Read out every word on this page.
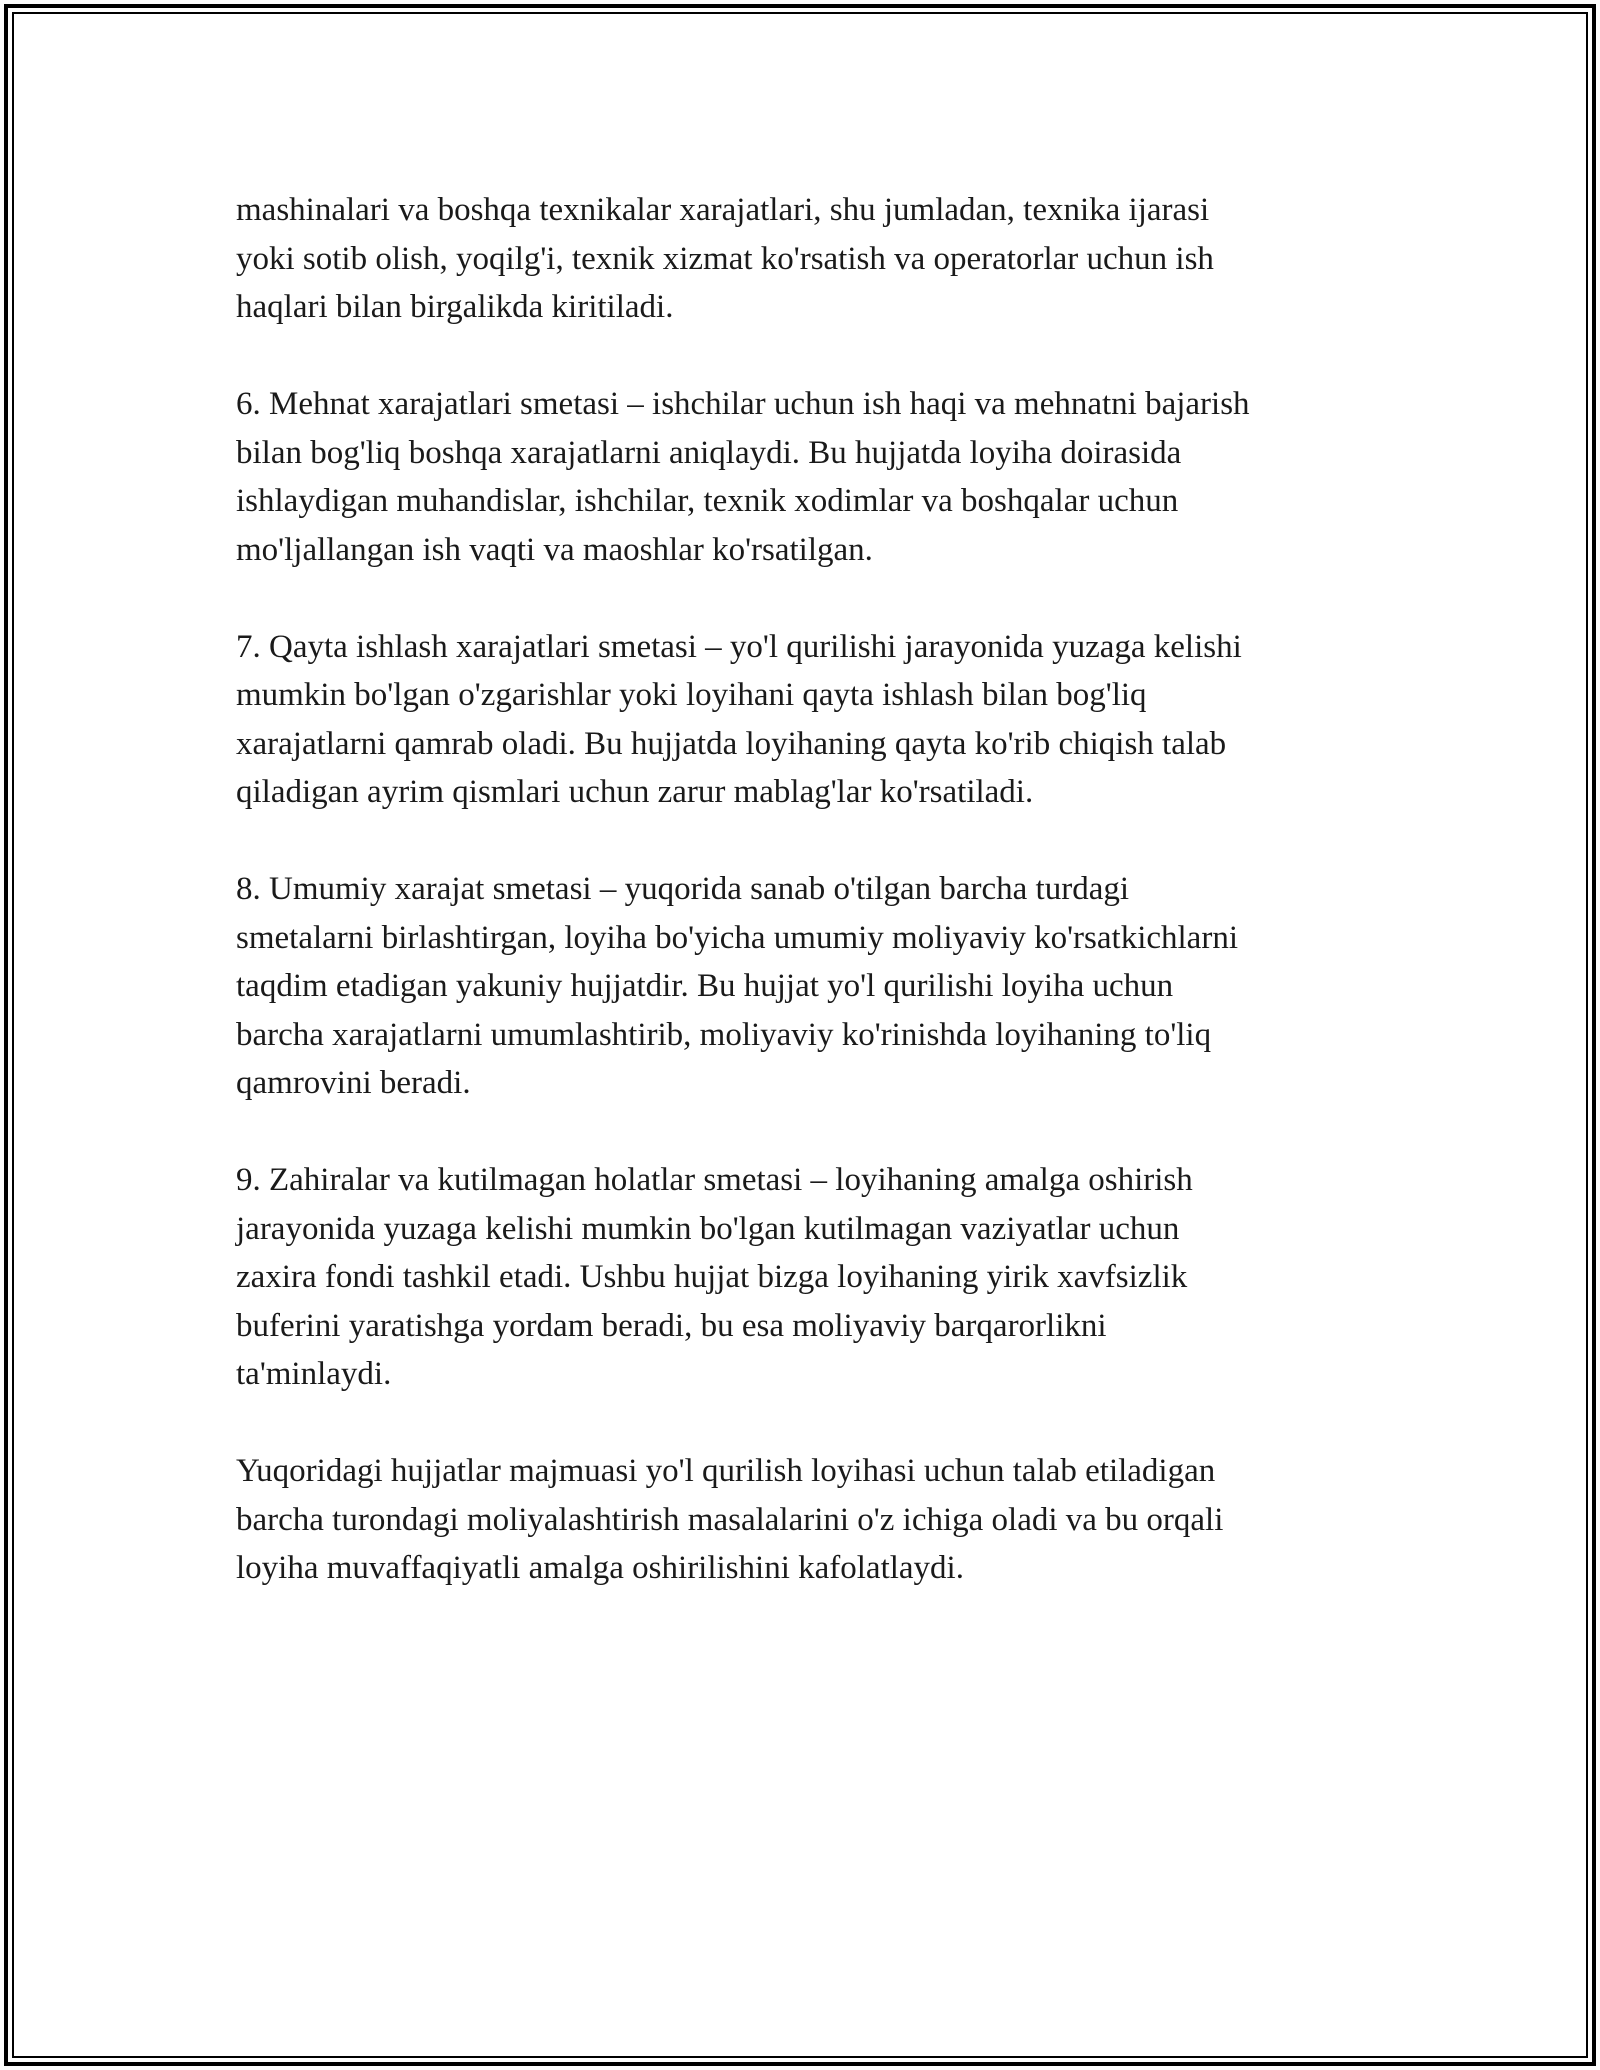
mashinalari va boshqa texnikalar xarajatlari, shu jumladan, texnika ijarasi
yoki sotib olish, yoqilg'i, texnik xizmat ko'rsatish va operatorlar uchun ish
haqlari bilan birgalikda kiritiladi.

6. Mehnat xarajatlari smetasi – ishchilar uchun ish haqi va mehnatni bajarish
bilan bog'liq boshqa xarajatlarni aniqlaydi. Bu hujjatda loyiha doirasida
ishlaydigan muhandislar, ishchilar, texnik xodimlar va boshqalar uchun
mo'ljallangan ish vaqti va maoshlar ko'rsatilgan.

7. Qayta ishlash xarajatlari smetasi – yo'l qurilishi jarayonida yuzaga kelishi
mumkin bo'lgan o'zgarishlar yoki loyihani qayta ishlash bilan bog'liq
xarajatlarni qamrab oladi. Bu hujjatda loyihaning qayta ko'rib chiqish talab
qiladigan ayrim qismlari uchun zarur mablag'lar ko'rsatiladi.

8. Umumiy xarajat smetasi – yuqorida sanab o'tilgan barcha turdagi
smetalarni birlashtirgan, loyiha bo'yicha umumiy moliyaviy ko'rsatkichlarni
taqdim etadigan yakuniy hujjatdir. Bu hujjat yo'l qurilishi loyiha uchun
barcha xarajatlarni umumlashtirib, moliyaviy ko'rinishda loyihaning to'liq
qamrovini beradi.

9. Zahiralar va kutilmagan holatlar smetasi – loyihaning amalga oshirish
jarayonida yuzaga kelishi mumkin bo'lgan kutilmagan vaziyatlar uchun
zaxira fondi tashkil etadi. Ushbu hujjat bizga loyihaning yirik xavfsizlik
buferini yaratishga yordam beradi, bu esa moliyaviy barqarorlikni
ta'minlaydi.

Yuqoridagi hujjatlar majmuasi yo'l qurilish loyihasi uchun talab etiladigan
barcha turondagi moliyalashtirish masalalarini o'z ichiga oladi va bu orqali
loyiha muvaffaqiyatli amalga oshirilishini kafolatlaydi.
